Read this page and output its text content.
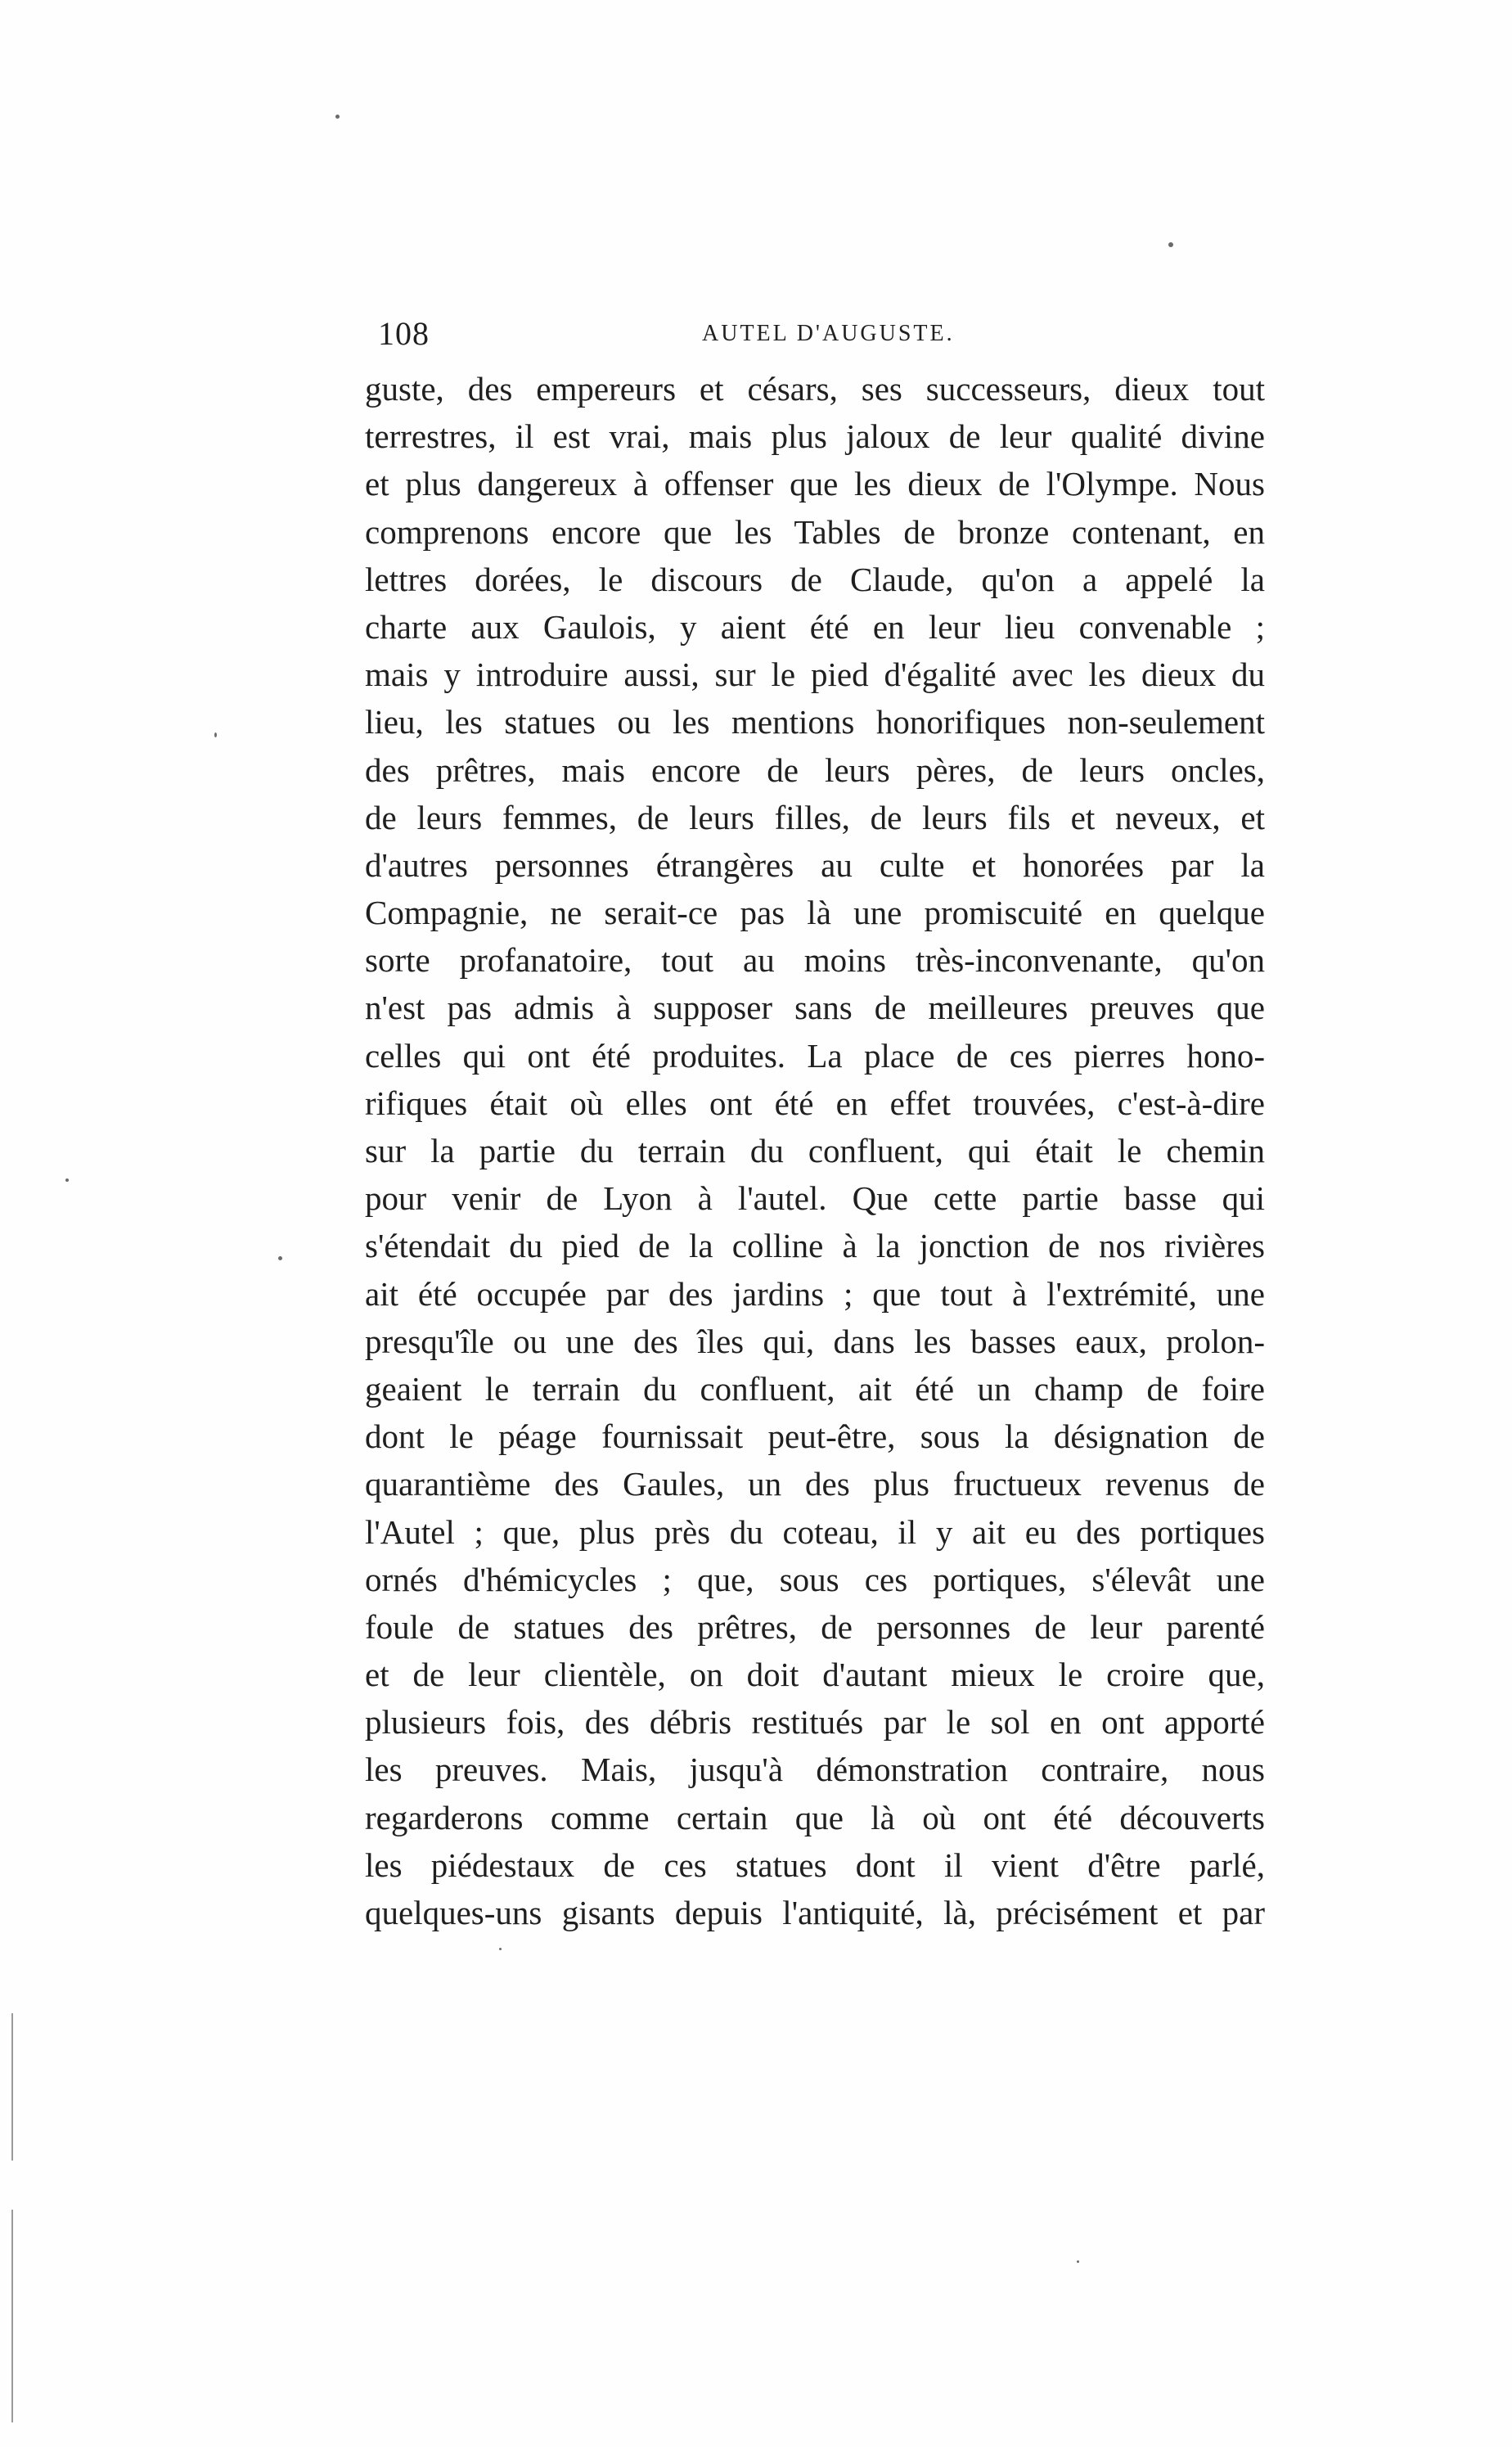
108	AUTEL D'AUGUSTE.
guste, des empereurs et césars, ses successeurs, dieux tout
terrestres, il est vrai, mais plus jaloux de leur qualité divine
et plus dangereux à offenser que les dieux de l'Olympe. Nous
comprenons encore que les Tables de bronze contenant, en
lettres dorées, le discours de Claude, qu'on a appelé la
charte aux Gaulois, y aient été en leur lieu convenable ;
mais y introduire aussi, sur le pied d'égalité avec les dieux du
lieu, les statues ou les mentions honorifiques non-seulement
des prêtres, mais encore de leurs pères, de leurs oncles,
de leurs femmes, de leurs filles, de leurs fils et neveux, et
d'autres personnes étrangères au culte et honorées par la
Compagnie, ne serait-ce pas là une promiscuité en quelque
sorte profanatoire, tout au moins très-inconvenante, qu'on
n'est pas admis à supposer sans de meilleures preuves que
celles qui ont été produites. La place de ces pierres hono-
rifiques était où elles ont été en effet trouvées, c'est-à-dire
sur la partie du terrain du confluent, qui était le chemin
pour venir de Lyon à l'autel. Que cette partie basse qui
s'étendait du pied de la colline à la jonction de nos rivières
ait été occupée par des jardins ; que tout à l'extrémité, une
presqu'île ou une des îles qui, dans les basses eaux, prolon-
geaient le terrain du confluent, ait été un champ de foire
dont le péage fournissait peut-être, sous la désignation de
quarantième des Gaules, un des plus fructueux revenus de
l'Autel ; que, plus près du coteau, il y ait eu des portiques
ornés d'hémicycles ; que, sous ces portiques, s'élevât une
foule de statues des prêtres, de personnes de leur parenté
et de leur clientèle, on doit d'autant mieux le croire que,
plusieurs fois, des débris restitués par le sol en ont apporté
les preuves. Mais, jusqu'à démonstration contraire, nous
regarderons comme certain que là où ont été découverts
les piédestaux de ces statues dont il vient d'être parlé,
quelques-uns gisants depuis l'antiquité, là, précisément et par
